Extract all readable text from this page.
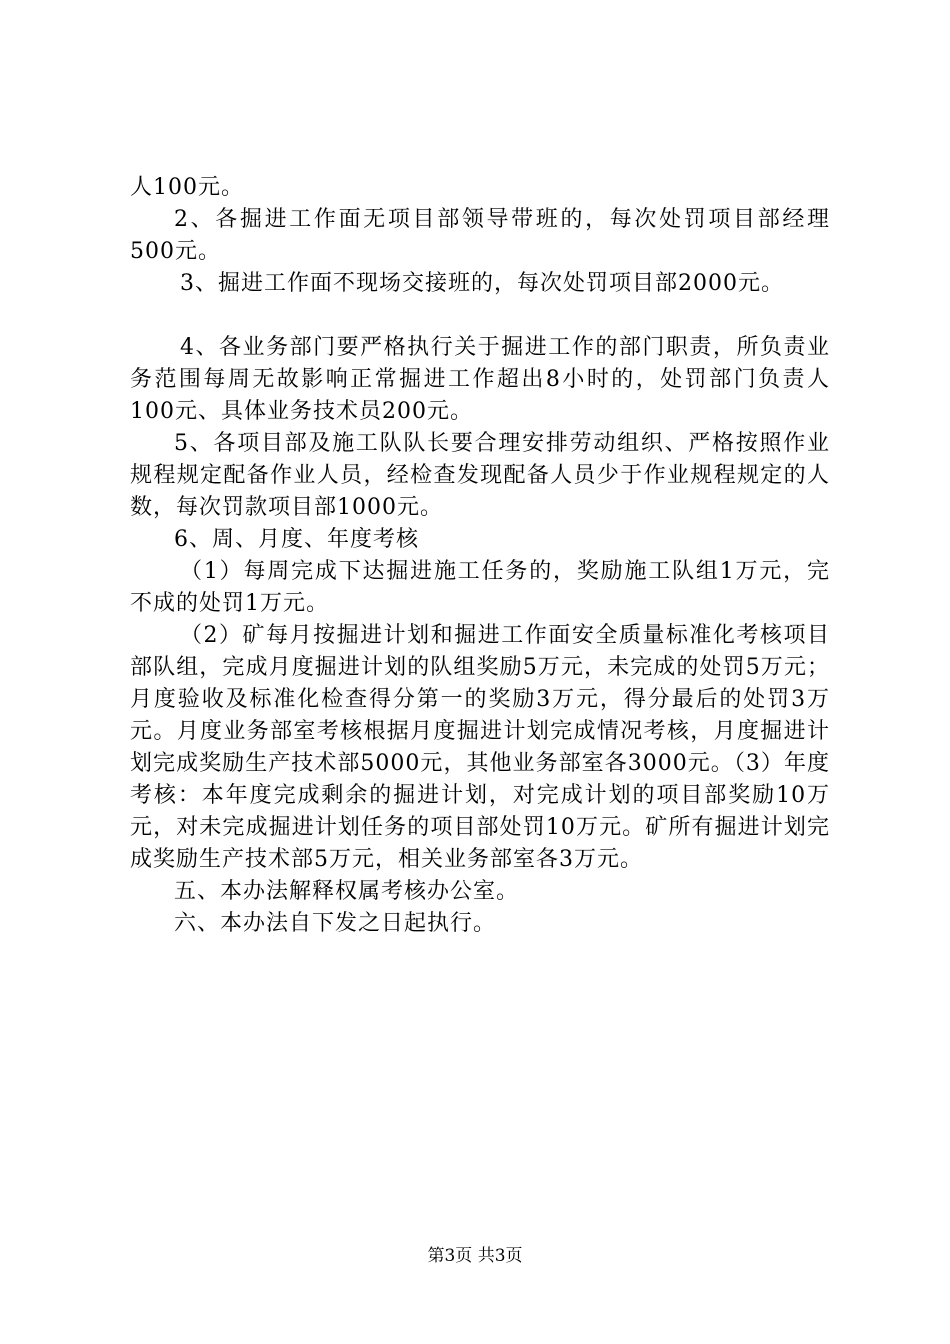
人100元。

2、各掘进工作面无项目部领导带班的，每次处罚项目部经理500元。

3、掘进工作面不现场交接班的，每次处罚项目部2000元。

4、各业务部门要严格执行关于掘进工作的部门职责，所负责业务范围每周无故影响正常掘进工作超出8小时的，处罚部门负责人100元、具体业务技术员200元。

5、各项目部及施工队队长要合理安排劳动组织、严格按照作业规程规定配备作业人员，经检查发现配备人员少于作业规程规定的人数，每次罚款项目部1000元。

6、周、月度、年度考核

（1）每周完成下达掘进施工任务的，奖励施工队组1万元，完不成的处罚1万元。

（2）矿每月按掘进计划和掘进工作面安全质量标准化考核项目部队组，完成月度掘进计划的队组奖励5万元，未完成的处罚5万元；月度验收及标准化检查得分第一的奖励3万元，得分最后的处罚3万元。月度业务部室考核根据月度掘进计划完成情况考核，月度掘进计划完成奖励生产技术部5000元，其他业务部室各3000元。（3）年度考核：本年度完成剩余的掘进计划，对完成计划的项目部奖励10万元，对未完成掘进计划任务的项目部处罚10万元。矿所有掘进计划完成奖励生产技术部5万元，相关业务部室各3万元。

五、本办法解释权属考核办公室。

六、本办法自下发之日起执行。

第3页 共3页
